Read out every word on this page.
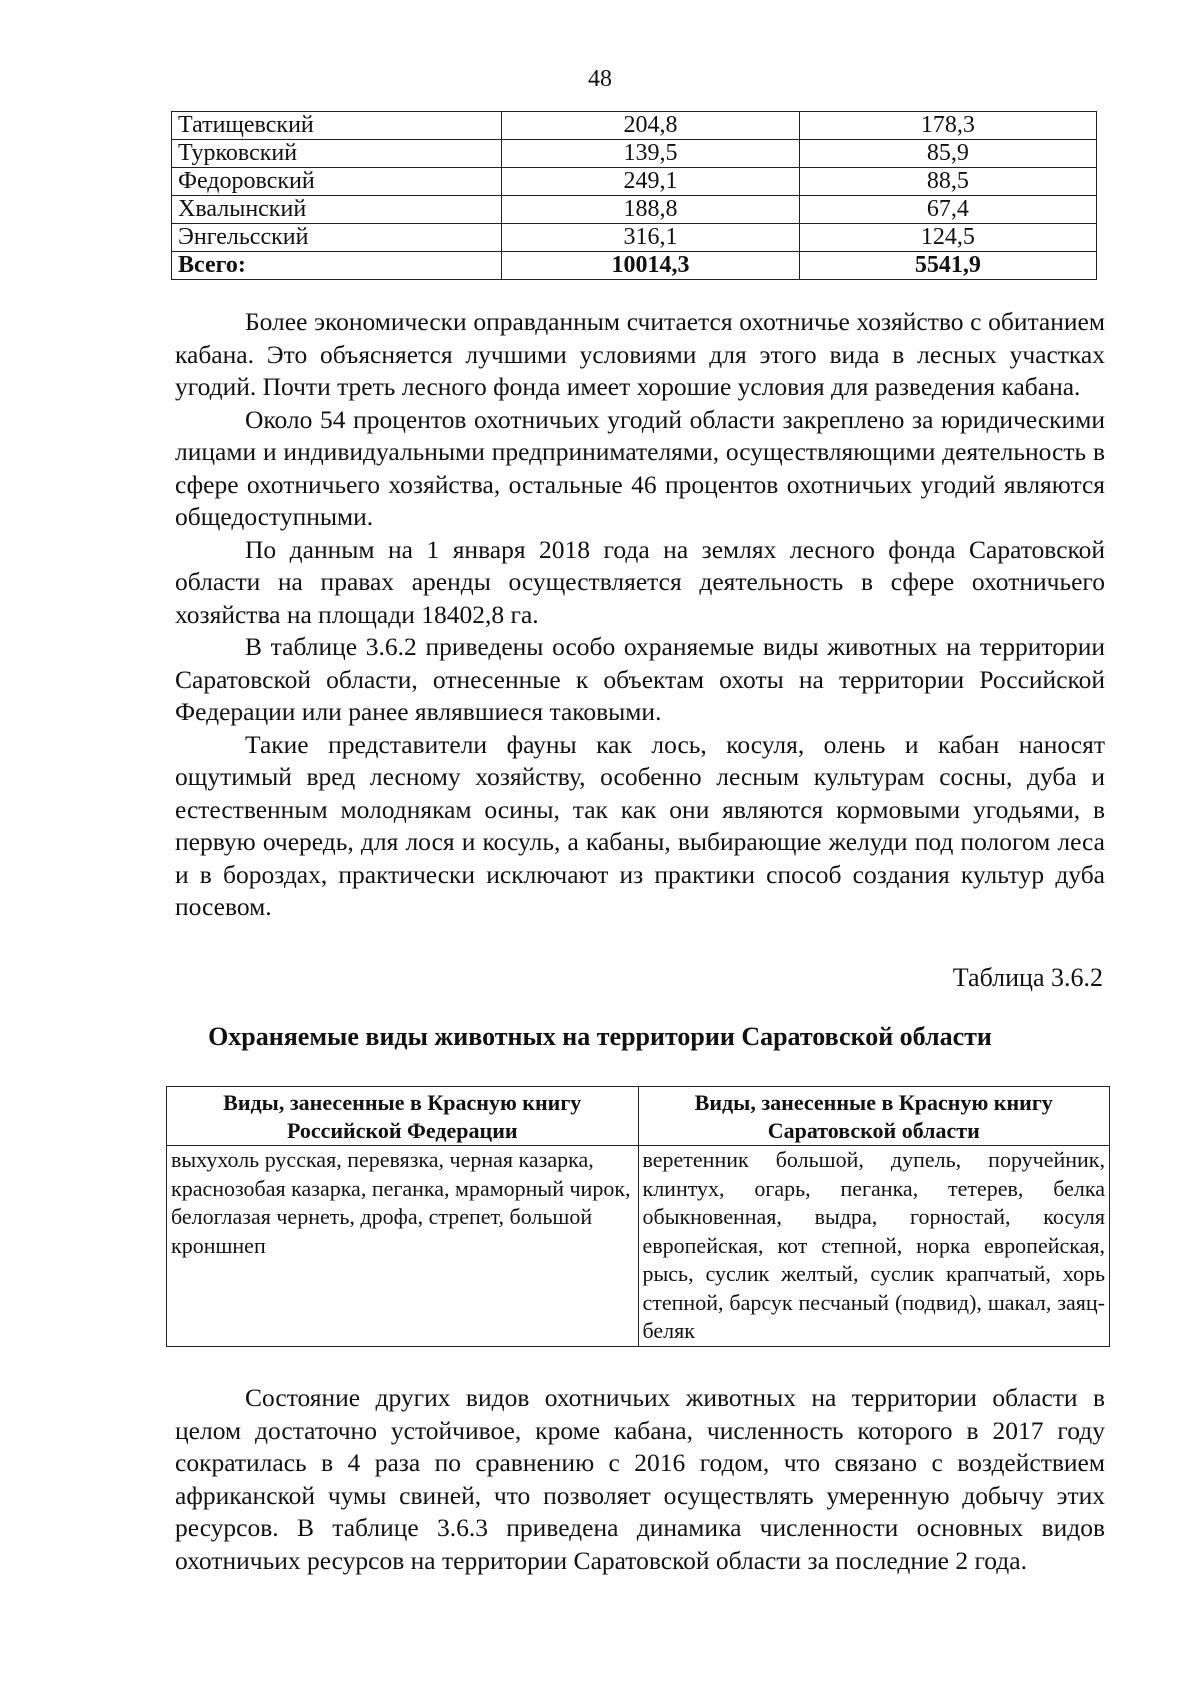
48
Татищевский	204,8	178,3
Турковский	139,5	85,9
Федоровский	249,1	88,5
Хвалынский	188,8	67,4
Энгельсский	316,1	124,5
Всего:	10014,3	5541,9

Более экономически оправданным считается охотничье хозяйство с обитанием кабана. Это объясняется лучшими условиями для этого вида в лесных участках угодий. Почти треть лесного фонда имеет хорошие условия для разведения кабана.

Около 54 процентов охотничьих угодий области закреплено за юридическими лицами и индивидуальными предпринимателями, осуществляющими деятельность в сфере охотничьего хозяйства, остальные 46 процентов охотничьих угодий являются общедоступными.

По данным на 1 января 2018 года на землях лесного фонда Саратовской области на правах аренды осуществляется деятельность в сфере охотничьего хозяйства на площади 18402,8 га.

В таблице 3.6.2 приведены особо охраняемые виды животных на территории Саратовской области, отнесенные к объектам охоты на территории Российской Федерации или ранее являвшиеся таковыми.

Такие представители фауны как лось, косуля, олень и кабан наносят ощутимый вред лесному хозяйству, особенно лесным культурам сосны, дуба и естественным молоднякам осины, так как они являются кормовыми угодьями, в первую очередь, для лося и косуль, а кабаны, выбирающие желуди под пологом леса и в бороздах, практически исключают из практики способ создания культур дуба посевом.

Таблица 3.6.2
Охраняемые виды животных на территории Саратовской области
Виды, занесенные в Красную книгу Российской Федерации	Виды, занесенные в Красную книгу Саратовской области
выхухоль русская, перевязка, черная казарка, краснозобая казарка, пеганка, мраморный чирок, белоглазая чернеть, дрофа, стрепет, большой кроншнеп	веретенник большой, дупель, поручейник, клинтух, огарь, пеганка, тетерев, белка обыкновенная, выдра, горностай, косуля европейская, кот степной, норка европейская, рысь, суслик желтый, суслик крапчатый, хорь степной, барсук песчаный (подвид), шакал, заяц-беляк

Состояние других видов охотничьих животных на территории области в целом достаточно устойчивое, кроме кабана, численность которого в 2017 году сократилась в 4 раза по сравнению с 2016 годом, что связано с воздействием африканской чумы свиней, что позволяет осуществлять умеренную добычу этих ресурсов. В таблице 3.6.3 приведена динамика численности основных видов охотничьих ресурсов на территории Саратовской области за последние 2 года.
